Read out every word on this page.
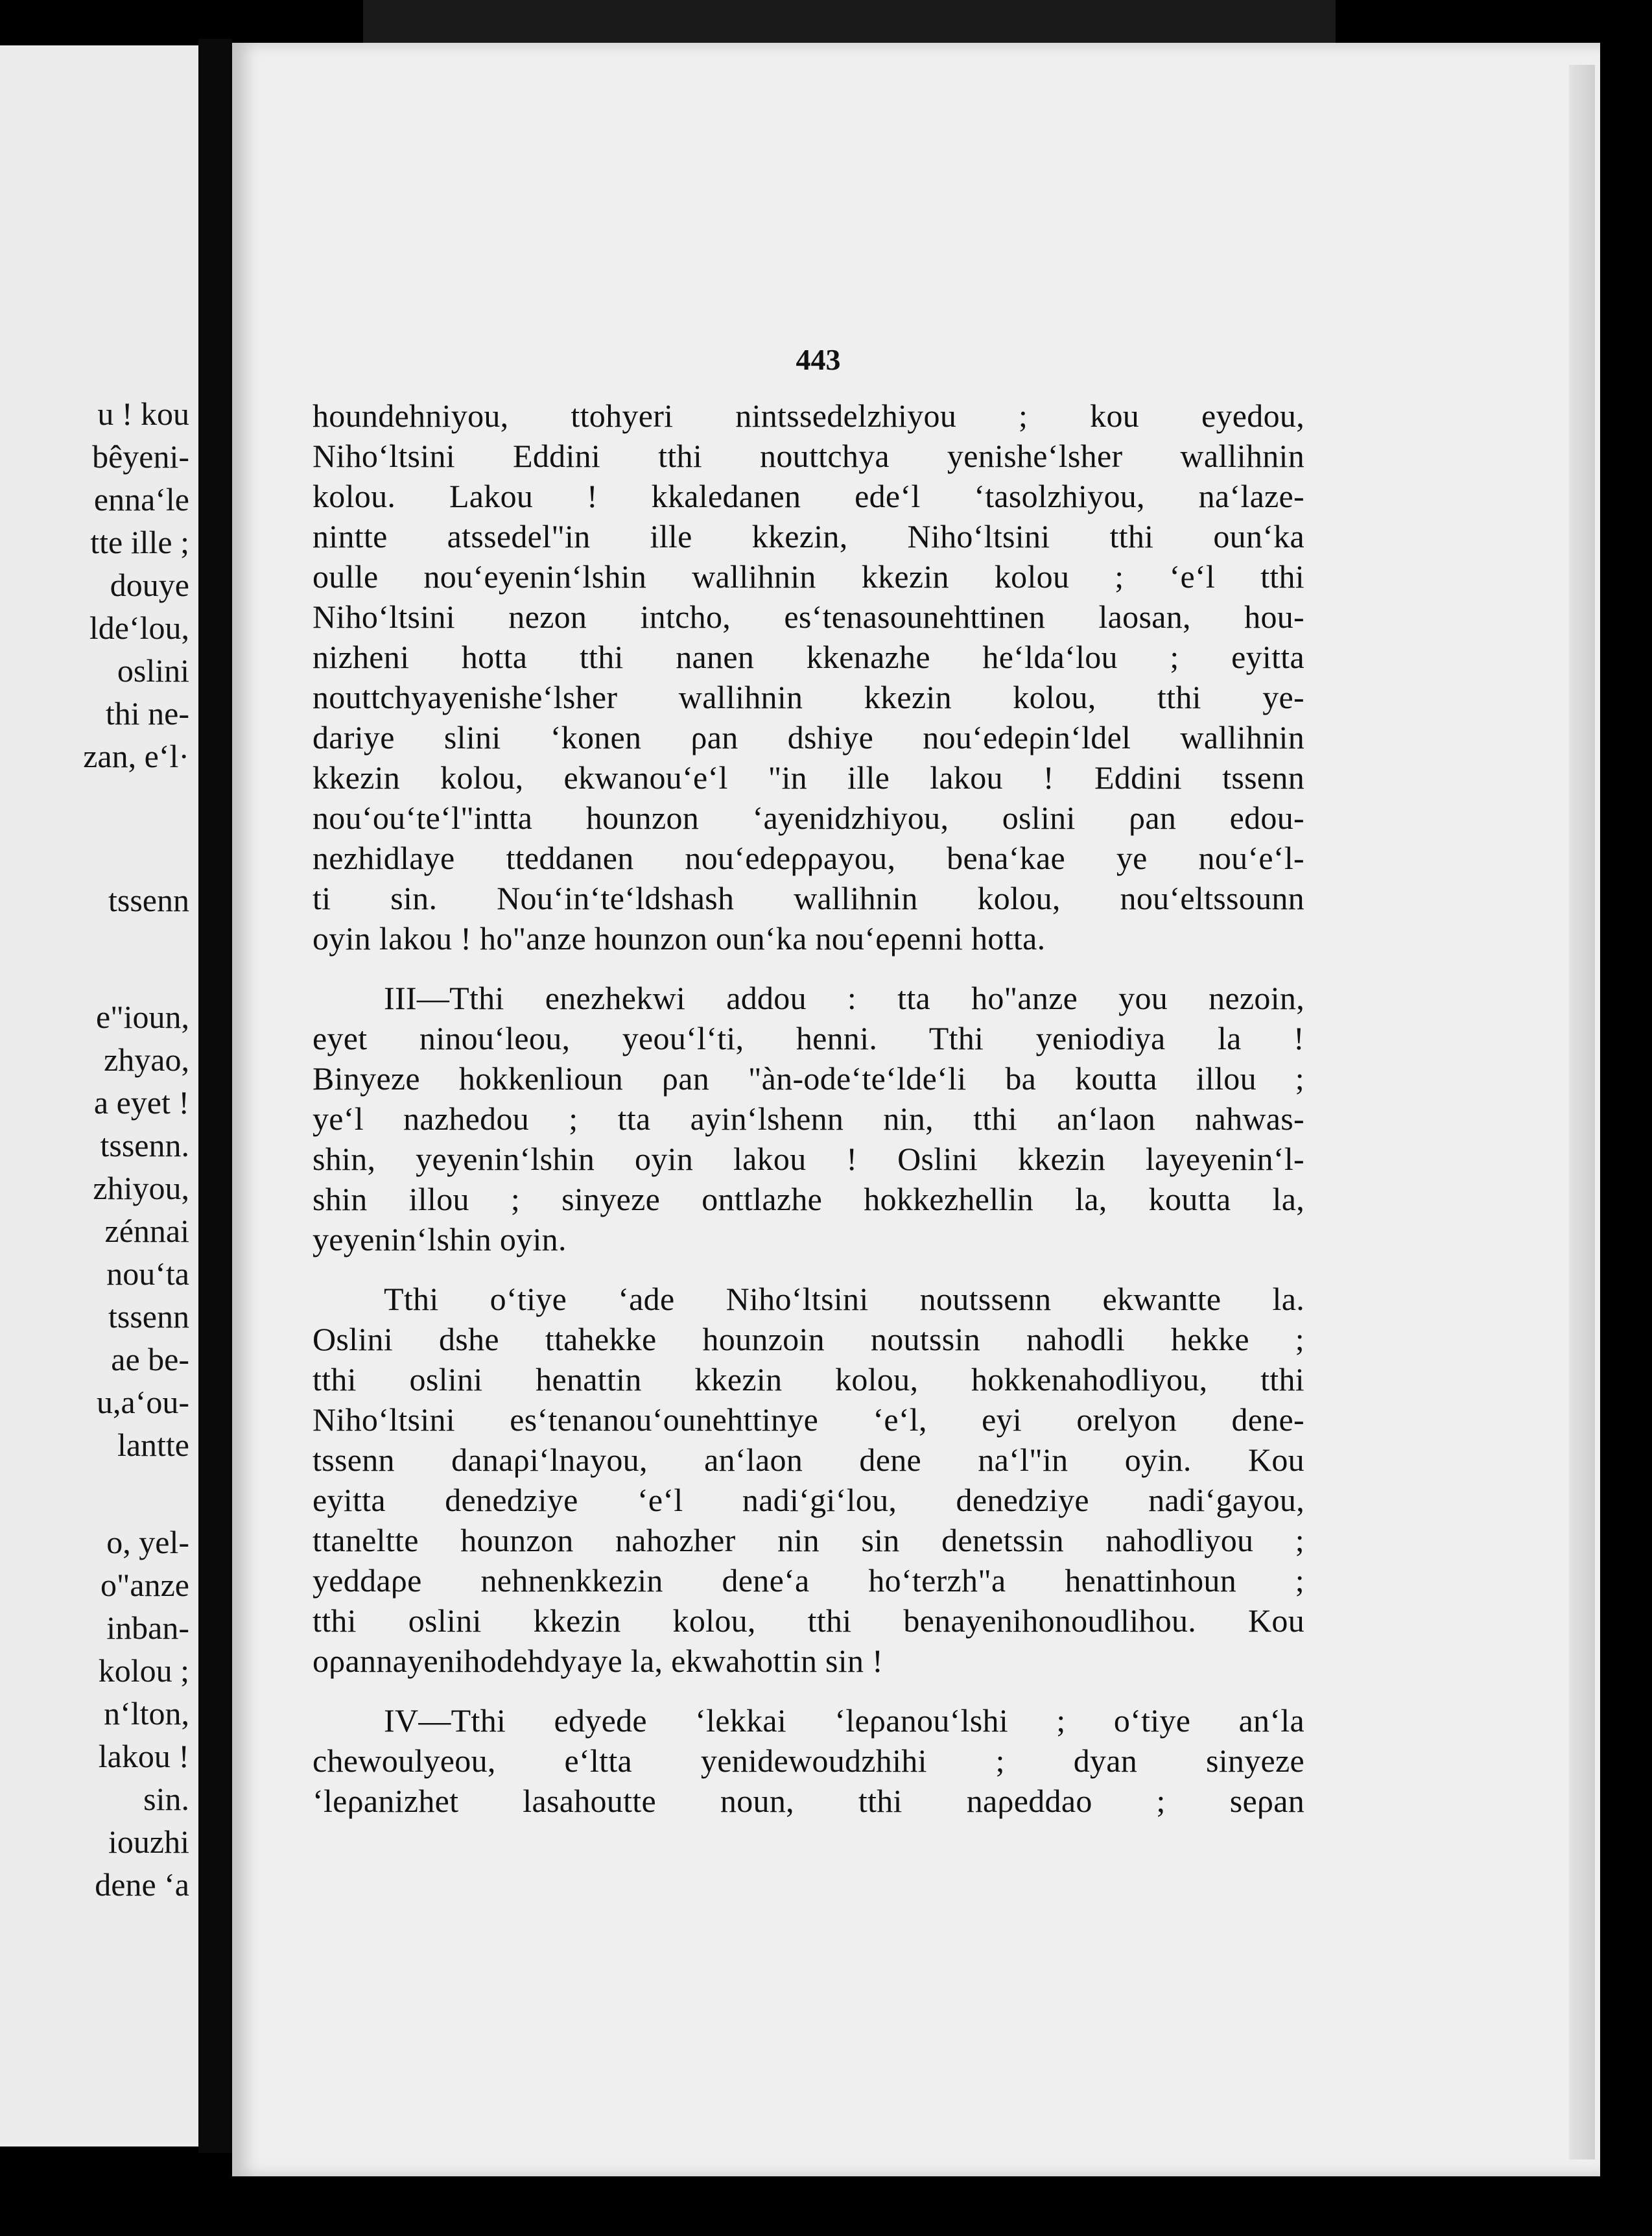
u ! kou
bêyeni-
enna‘le
tte ille ;
douye
lde‘lou,
oslini
thi ne-
zan, e‘l·
tssenn
e"ioun,
zhyao,
a eyet !
tssenn.
zhiyou,
zénnai
nou‘ta
tssenn
ae be-
u,a‘ou-
lantte
o, yel-
o"anze
inban-
kolou ;
n‘lton,
lakou !
sin.
iouzhi
dene ‘a
443
houndehniyou, ttohyeri nintssedelzhiyou ; kou eyedou,
Niho‘ltsini Eddini tthi nouttchya yenishe‘lsher wallihnin
kolou. Lakou ! kkaledanen ede‘l ‘tasolzhiyou, na‘laze-
nintte atssedel"in ille kkezin, Niho‘ltsini tthi oun‘ka
oulle nou‘eyenin‘lshin wallihnin kkezin kolou ; ‘e‘l tthi
Niho‘ltsini nezon intcho, es‘tenasounehttinen laosan, hou-
nizheni hotta tthi nanen kkenazhe he‘lda‘lou ; eyitta
nouttchyayenishe‘lsher wallihnin kkezin kolou, tthi ye-
dariye slini ‘konen ρan dshiye nou‘edeρin‘ldel wallihnin
kkezin kolou, ekwanou‘e‘l "in ille lakou ! Eddini tssenn
nou‘ou‘te‘l"intta hounzon ‘ayenidzhiyou, oslini ρan edou-
nezhidlaye tteddanen nou‘edeρρayou, bena‘kae ye nou‘e‘l-
ti sin. Nou‘in‘te‘ldshash wallihnin kolou, nou‘eltssounn
oyin lakou ! ho"anze hounzon oun‘ka nou‘eρenni hotta.
III—Tthi enezhekwi addou : tta ho"anze you nezoin,
eyet ninou‘leou, yeou‘l‘ti, henni. Tthi yeniodiya la !
Binyeze hokkenlioun ρan "àn-ode‘te‘lde‘li ba koutta illou ;
ye‘l nazhedou ; tta ayin‘lshenn nin, tthi an‘laon nahwas-
shin, yeyenin‘lshin oyin lakou ! Oslini kkezin layeyenin‘l-
shin illou ; sinyeze onttlazhe hokkezhellin la, koutta la,
yeyenin‘lshin oyin.
Tthi o‘tiye ‘ade Niho‘ltsini noutssenn ekwantte la.
Oslini dshe ttahekke hounzoin noutssin nahodli hekke ;
tthi oslini henattin kkezin kolou, hokkenahodliyou, tthi
Niho‘ltsini es‘tenanou‘ounehttinye ‘e‘l, eyi orelyon dene-
tssenn danaρi‘lnayou, an‘laon dene na‘l"in oyin. Kou
eyitta denedziye ‘e‘l nadi‘gi‘lou, denedziye nadi‘gayou,
ttaneltte hounzon nahozher nin sin denetssin nahodliyou ;
yeddaρe nehnenkkezin dene‘a ho‘terzh"a henattinhoun ;
tthi oslini kkezin kolou, tthi benayenihonoudlihou. Kou
oρannayenihodehdyaye la, ekwahottin sin !
IV—Tthi edyede ‘lekkai ‘leρanou‘lshi ; o‘tiye an‘la
chewoulyeou, e‘ltta yenidewoudzhihi ; dyan sinyeze
‘leρanizhet lasahoutte noun, tthi naρeddao ; seρan
